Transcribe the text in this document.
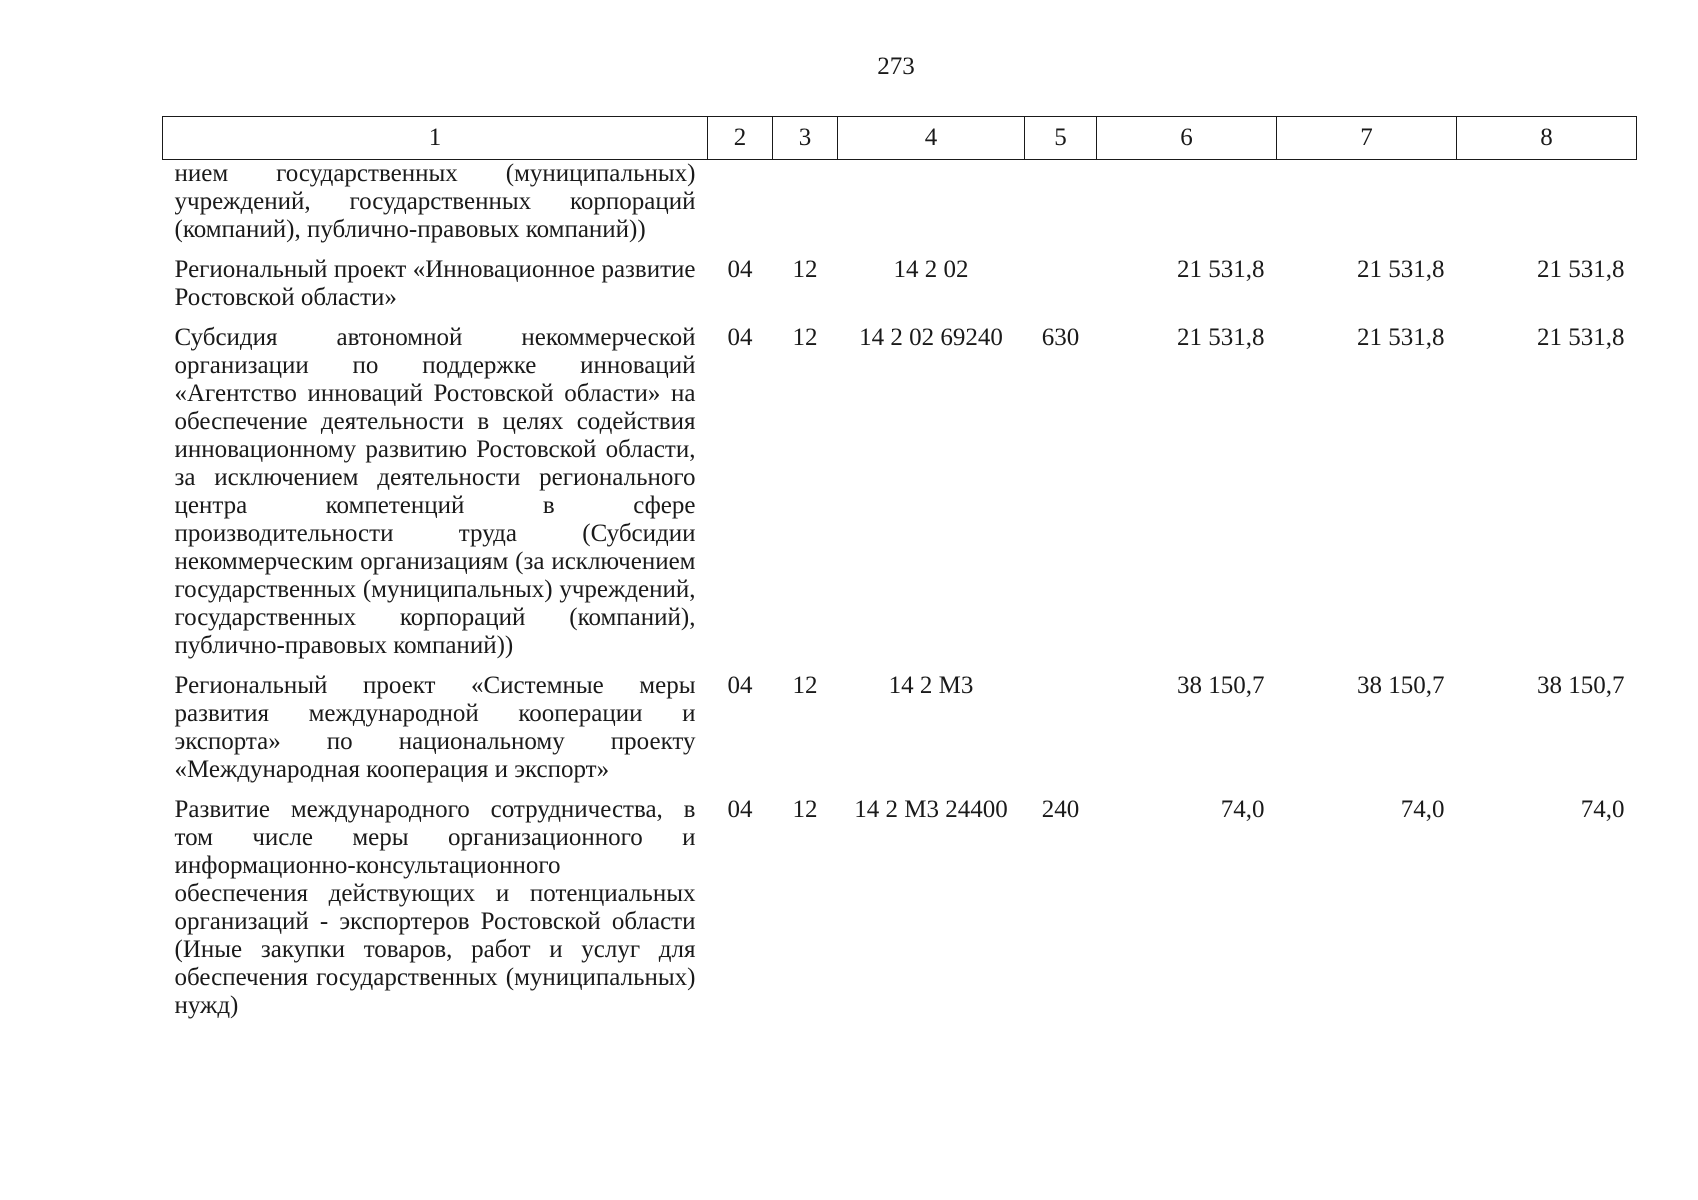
273
1	2	3	4	5	6	7	8
нием государственных (муниципальных) учреждений, государственных корпораций (компаний), публично-правовых компаний))							
Региональный проект «Инновационное развитие Ростовской области»	04	12	14 2 02		21 531,8	21 531,8	21 531,8
Субсидия автономной некоммерческой организации по поддержке инноваций «Агентство инноваций Ростовской области» на обеспечение деятельности в целях содействия инновационному развитию Ростовской области, за исключением деятельности регионального центра компетенций в сфере производительности труда (Субсидии некоммерческим организациям (за исключением государственных (муниципальных) учреждений, государственных корпораций (компаний), публично-правовых компаний))	04	12	14 2 02 69240	630	21 531,8	21 531,8	21 531,8
Региональный проект «Системные меры развития международной кооперации и экспорта» по национальному проекту «Международная кооперация и экспорт»	04	12	14 2 M3		38 150,7	38 150,7	38 150,7
Развитие международного сотрудничества, в том числе меры организационного и информационно-консультационного обеспечения действующих и потенциальных организаций - экспортеров Ростовской области (Иные закупки товаров, работ и услуг для обеспечения государственных (муниципальных) нужд)	04	12	14 2 M3 24400	240	74,0	74,0	74,0
